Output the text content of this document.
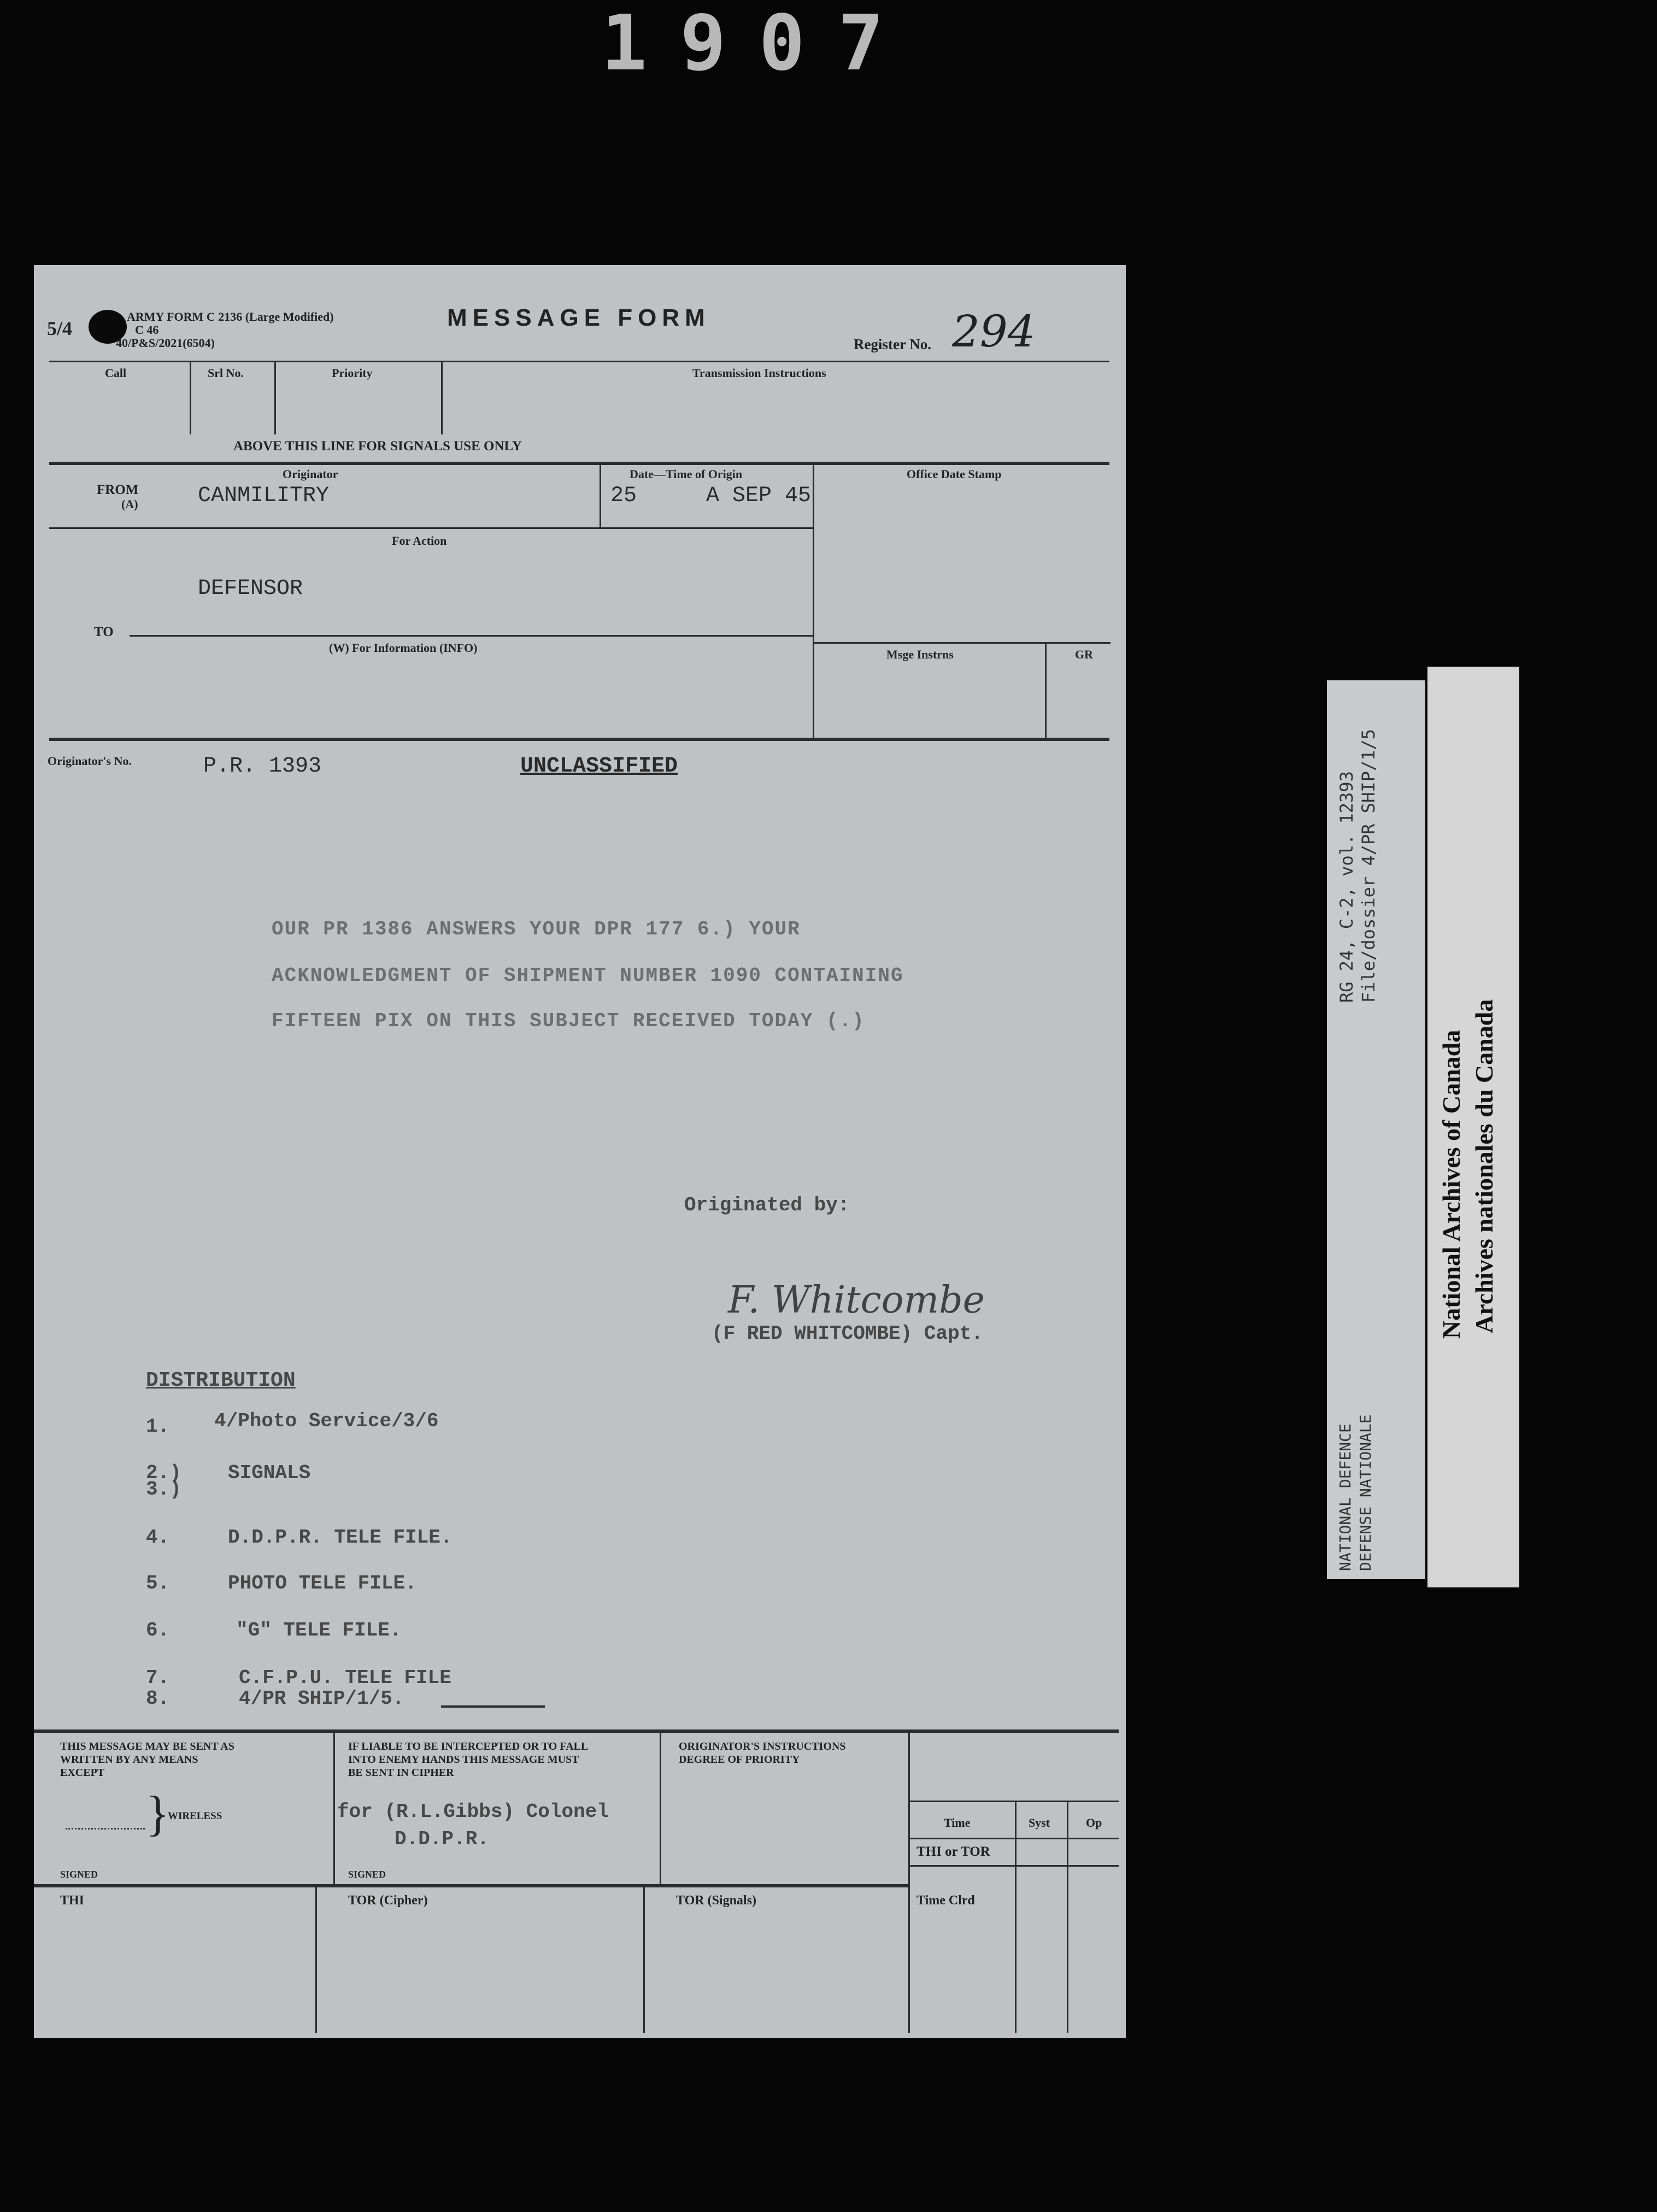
1907
5/4
ARMY FORM C 2136 (Large Modified)
C 46
40/P&S/2021(6504)
MESSAGE FORM
Register No. 294
Call	Srl No.	Priority	Transmission Instructions
ABOVE THIS LINE FOR SIGNALS USE ONLY
FROM
(A)
Originator
CANMILITRY
Date—Time of Origin
25	A SEP 45
Office Date Stamp
For Action
DEFENSOR
TO
(W) For Information (INFO)	Msge Instrns	GR
Originator's No.	P.R. 1393	UNCLASSIFIED
OUR PR 1386 ANSWERS YOUR DPR 177 6.) YOUR
ACKNOWLEDGMENT OF SHIPMENT NUMBER 1090 CONTAINING
FIFTEEN PIX ON THIS SUBJECT RECEIVED TODAY (.)
Originated by:
F. Whitcombe
(F RED WHITCOMBE) Capt.
DISTRIBUTION
1. 4/Photo Service/3/6
2.) SIGNALS
3.)
4.	D.D.P.R. TELE FILE.
5.	PHOTO TELE FILE.
6.	"G" TELE FILE.
7.	C.F.P.U. TELE FILE
8.	4/PR SHIP/1/5.
THIS MESSAGE MAY BE SENT AS
WRITTEN BY ANY MEANS
EXCEPT
}
WIRELESS
SIGNED
IF LIABLE TO BE INTERCEPTED OR TO FALL
INTO ENEMY HANDS THIS MESSAGE MUST
BE SENT IN CIPHER
for (R.L.Gibbs) Colonel
D.D.P.R.
SIGNED
ORIGINATOR'S INSTRUCTIONS
DEGREE OF PRIORITY
Time	Syst	Op
THI or TOR
THI	TOR (Cipher)	TOR (Signals)	Time Clrd
RG 24, C-2, vol. 12393 File/dossier 4/PR SHIP/1/5
NATIONAL DEFENCE DEFENSE NATIONALE
National Archives of Canada Archives nationales du Canada
